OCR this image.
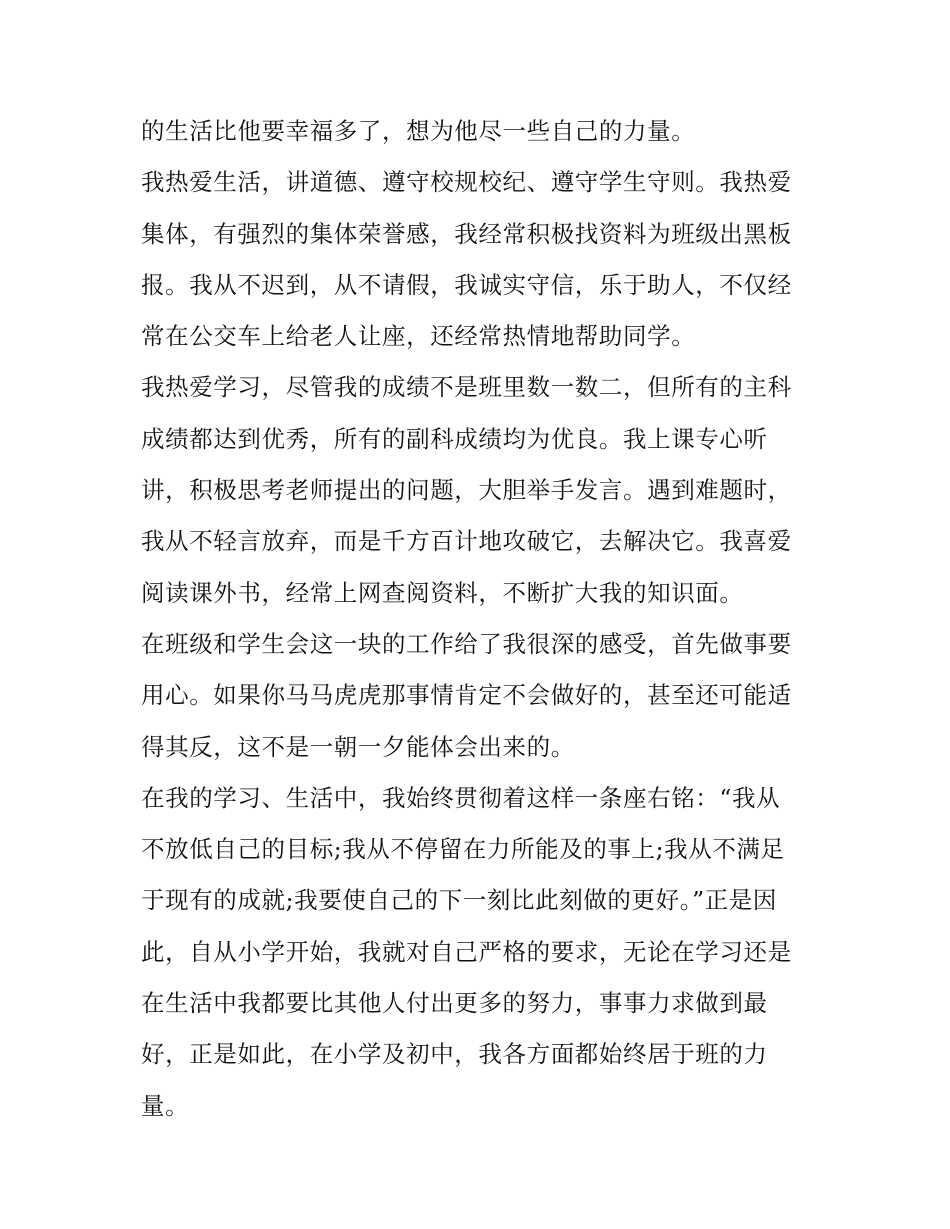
的生活比他要幸福多了，想为他尽一些自己的力量。
我热爱生活，讲道德、遵守校规校纪、遵守学生守则。我热爱
集体，有强烈的集体荣誉感，我经常积极找资料为班级出黑板
报。我从不迟到，从不请假，我诚实守信，乐于助人，不仅经
常在公交车上给老人让座，还经常热情地帮助同学。
我热爱学习，尽管我的成绩不是班里数一数二，但所有的主科
成绩都达到优秀，所有的副科成绩均为优良。我上课专心听
讲，积极思考老师提出的问题，大胆举手发言。遇到难题时，
我从不轻言放弃，而是千方百计地攻破它，去解决它。我喜爱
阅读课外书，经常上网查阅资料，不断扩大我的知识面。
在班级和学生会这一块的工作给了我很深的感受，首先做事要
用心。如果你马马虎虎那事情肯定不会做好的，甚至还可能适
得其反，这不是一朝一夕能体会出来的。
在我的学习、生活中，我始终贯彻着这样一条座右铭：“我从
不放低自己的目标;我从不停留在力所能及的事上;我从不满足
于现有的成就;我要使自己的下一刻比此刻做的更好。”正是因
此，自从小学开始，我就对自己严格的要求，无论在学习还是
在生活中我都要比其他人付出更多的努力，事事力求做到最
好，正是如此，在小学及初中，我各方面都始终居于班的力
量。
